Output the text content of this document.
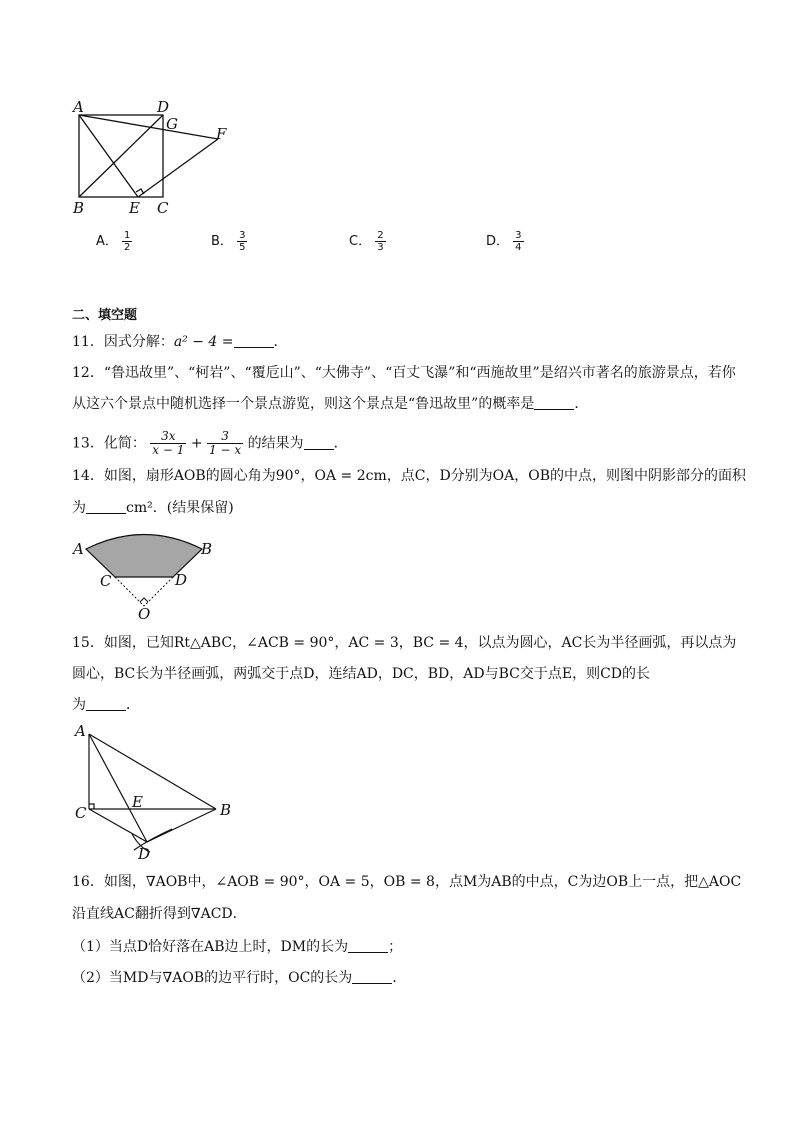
A	D
G
F
B	E C
A． $\frac{1}{2}$	B． $\frac{3}{5}$	C． $\frac{2}{3}$	D． $\frac{3}{4}$
二、填空题
11．因式分解：a² − 4 =	．
12．“鲁迅故里”、“柯岩”、“覆卮山”、“大佛寺”、“百丈飞瀑”和“西施故里”是绍兴市著名的旅游景点，若你
从这六个景点中随机选择一个景点游览，则这个景点是“鲁迅故里”的概率是	．
13．化简： $\frac{3x}{x - 1} + \frac{3}{1 - x}$ 的结果为 ．
14．如图，扇形AOB的圆心角为90°，OA = 2cm，点C，D分别为OA，OB的中点，则图中阴影部分的面积
为	cm²．(结果保留)
A	B
C	D
O
15．如图，已知Rt△ABC，∠ACB = 90°，AC = 3，BC = 4，以点为圆心，AC长为半径画弧，再以点为
圆心，BC长为半径画弧，两弧交于点D，连结AD，DC，BD，AD与BC交于点E，则CD的长
为	．
A
C
E	B
D
16．如图，∇AOB中，∠AOB = 90°，OA = 5，OB = 8，点M为AB的中点，C为边OB上一点，把△AOC
沿直线AC翻折得到∇ACD．
（1）当点D恰好落在AB边上时，DM的长为	；
（2）当MD与∇AOB的边平行时，OC的长为	．
